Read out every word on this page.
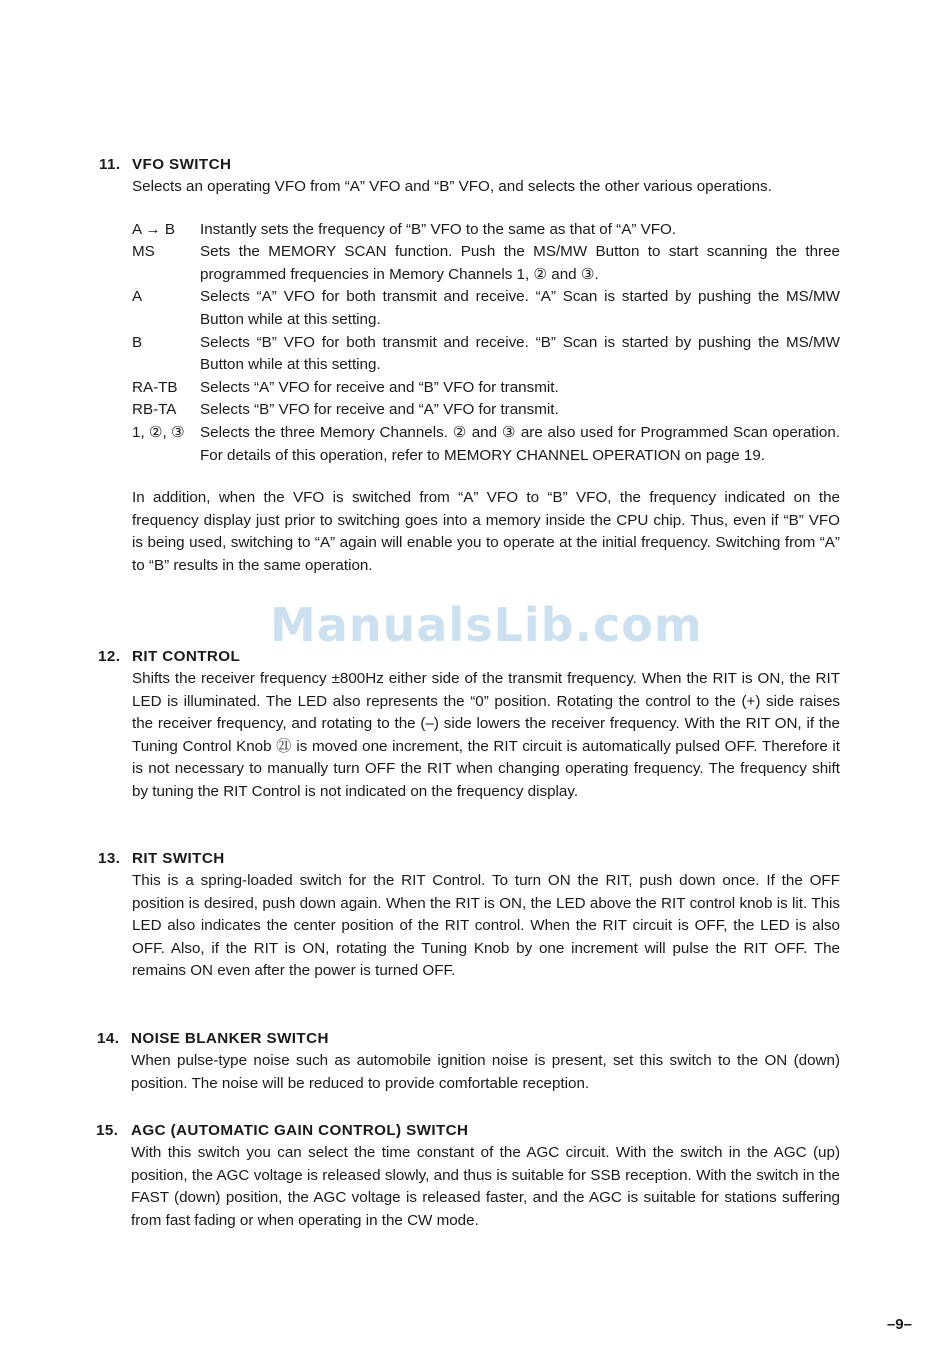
11. VFO SWITCH
Selects an operating VFO from “A” VFO and “B” VFO, and selects the other various operations.
A → B	Instantly sets the frequency of “B” VFO to the same as that of “A” VFO.
MS	Sets the MEMORY SCAN function. Push the MS/MW Button to start scanning the three programmed frequencies in Memory Channels 1, ② and ③.
A	Selects “A” VFO for both transmit and receive. “A” Scan is started by pushing the MS/MW Button while at this setting.
B	Selects “B” VFO for both transmit and receive. “B” Scan is started by pushing the MS/MW Button while at this setting.
RA-TB	Selects “A” VFO for receive and “B” VFO for transmit.
RB-TA	Selects “B” VFO for receive and “A” VFO for transmit.
1, ②, ③	Selects the three Memory Channels. ② and ③ are also used for Programmed Scan operation. For details of this operation, refer to MEMORY CHANNEL OPERATION on page 19.
In addition, when the VFO is switched from “A” VFO to “B” VFO, the frequency indicated on the frequency display just prior to switching goes into a memory inside the CPU chip. Thus, even if “B” VFO is being used, switching to “A” again will enable you to operate at the initial frequency. Switching from “A” to “B” results in the same operation.
12. RIT CONTROL
Shifts the receiver frequency ±800Hz either side of the transmit frequency. When the RIT is ON, the RIT LED is illuminated. The LED also represents the “0” position. Rotating the control to the (+) side raises the receiver frequency, and rotating to the (–) side lowers the receiver frequency. With the RIT ON, if the Tuning Control Knob ㉑ is moved one increment, the RIT circuit is automatically pulsed OFF. Therefore it is not necessary to manually turn OFF the RIT when changing operating frequency. The frequency shift by tuning the RIT Control is not indicated on the frequency display.
13. RIT SWITCH
This is a spring-loaded switch for the RIT Control. To turn ON the RIT, push down once. If the OFF position is desired, push down again. When the RIT is ON, the LED above the RIT control knob is lit. This LED also indicates the center position of the RIT control. When the RIT circuit is OFF, the LED is also OFF. Also, if the RIT is ON, rotating the Tuning Knob by one increment will pulse the RIT OFF. The remains ON even after the power is turned OFF.
14. NOISE BLANKER SWITCH
When pulse-type noise such as automobile ignition noise is present, set this switch to the ON (down) position. The noise will be reduced to provide comfortable reception.
15. AGC (AUTOMATIC GAIN CONTROL) SWITCH
With this switch you can select the time constant of the AGC circuit. With the switch in the AGC (up) position, the AGC voltage is released slowly, and thus is suitable for SSB reception. With the switch in the FAST (down) position, the AGC voltage is released faster, and the AGC is suitable for stations suffering from fast fading or when operating in the CW mode.
ManualsLib.com
–9–
